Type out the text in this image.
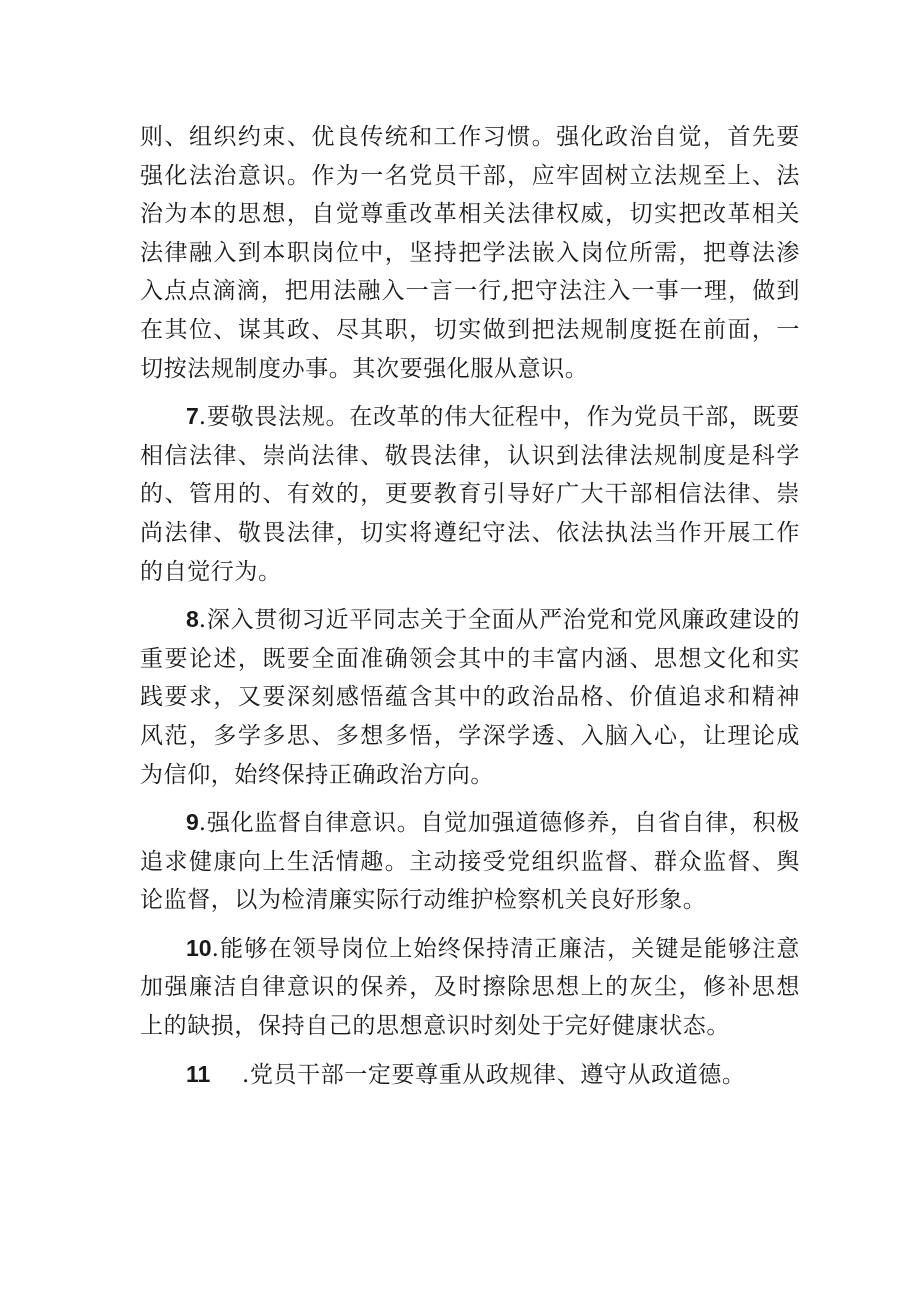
则、组织约束、优良传统和工作习惯。强化政治自觉，首先要强化法治意识。作为一名党员干部，应牢固树立法规至上、法治为本的思想，自觉尊重改革相关法律权威，切实把改革相关法律融入到本职岗位中，坚持把学法嵌入岗位所需，把尊法渗入点点滴滴，把用法融入一言一行,把守法注入一事一理，做到在其位、谋其政、尽其职，切实做到把法规制度挺在前面，一切按法规制度办事。其次要强化服从意识。

7.要敬畏法规。在改革的伟大征程中，作为党员干部，既要相信法律、崇尚法律、敬畏法律，认识到法律法规制度是科学的、管用的、有效的，更要教育引导好广大干部相信法律、崇尚法律、敬畏法律，切实将遵纪守法、依法执法当作开展工作的自觉行为。

8.深入贯彻习近平同志关于全面从严治党和党风廉政建设的重要论述，既要全面准确领会其中的丰富内涵、思想文化和实践要求，又要深刻感悟蕴含其中的政治品格、价值追求和精神风范，多学多思、多想多悟，学深学透、入脑入心，让理论成为信仰，始终保持正确政治方向。

9.强化监督自律意识。自觉加强道德修养，自省自律，积极追求健康向上生活情趣。主动接受党组织监督、群众监督、舆论监督，以为检清廉实际行动维护检察机关良好形象。

10.能够在领导岗位上始终保持清正廉洁，关键是能够注意加强廉洁自律意识的保养，及时擦除思想上的灰尘，修补思想上的缺损，保持自己的思想意识时刻处于完好健康状态。

11 .党员干部一定要尊重从政规律、遵守从政道德。
